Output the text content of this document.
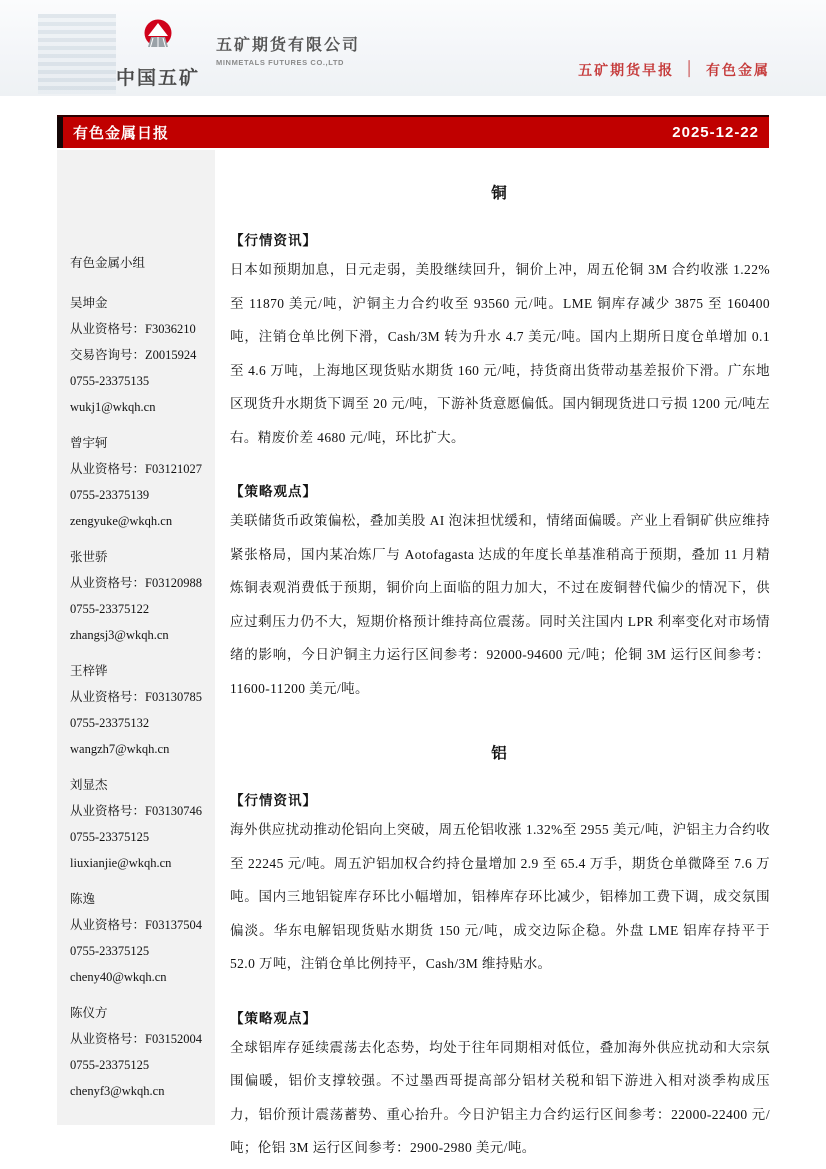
中国五矿
五矿期货有限公司
MINMETALS FUTURES CO.,LTD
五矿期货早报 │ 有色金属
有色金属日报	2025-12-22
有色金属小组
吴坤金
从业资格号：F3036210
交易咨询号：Z0015924
0755-23375135
wukj1@wkqh.cn
曾宇轲
从业资格号：F03121027
0755-23375139
zengyuke@wkqh.cn
张世骄
从业资格号：F03120988
0755-23375122
zhangsj3@wkqh.cn
王梓铧
从业资格号：F03130785
0755-23375132
wangzh7@wkqh.cn
刘显杰
从业资格号：F03130746
0755-23375125
liuxianjie@wkqh.cn
陈逸
从业资格号：F03137504
0755-23375125
cheny40@wkqh.cn
陈仪方
从业资格号：F03152004
0755-23375125
chenyf3@wkqh.cn
铜
【行情资讯】
日本如预期加息，日元走弱，美股继续回升，铜价上冲，周五伦铜 3M 合约收涨 1.22%至 11870 美元/吨，沪铜主力合约收至 93560 元/吨。LME 铜库存减少 3875 至 160400 吨，注销仓单比例下滑，Cash/3M 转为升水 4.7 美元/吨。国内上期所日度仓单增加 0.1 至 4.6 万吨，上海地区现货贴水期货 160 元/吨，持货商出货带动基差报价下滑。广东地区现货升水期货下调至 20 元/吨，下游补货意愿偏低。国内铜现货进口亏损 1200 元/吨左右。精废价差 4680 元/吨，环比扩大。
【策略观点】
美联储货币政策偏松，叠加美股 AI 泡沫担忧缓和，情绪面偏暖。产业上看铜矿供应维持紧张格局，国内某冶炼厂与 Aotofagasta 达成的年度长单基准稍高于预期，叠加 11 月精炼铜表观消费低于预期，铜价向上面临的阻力加大，不过在废铜替代偏少的情况下，供应过剩压力仍不大，短期价格预计维持高位震荡。同时关注国内 LPR 利率变化对市场情绪的影响，今日沪铜主力运行区间参考：92000-94600 元/吨；伦铜 3M 运行区间参考：11600-11200 美元/吨。
铝
【行情资讯】
海外供应扰动推动伦铝向上突破，周五伦铝收涨 1.32%至 2955 美元/吨，沪铝主力合约收至 22245 元/吨。周五沪铝加权合约持仓量增加 2.9 至 65.4 万手，期货仓单微降至 7.6 万吨。国内三地铝锭库存环比小幅增加，铝棒库存环比减少，铝棒加工费下调，成交氛围偏淡。华东电解铝现货贴水期货 150 元/吨，成交边际企稳。外盘 LME 铝库存持平于 52.0 万吨，注销仓单比例持平，Cash/3M 维持贴水。
【策略观点】
全球铝库存延续震荡去化态势，均处于往年同期相对低位，叠加海外供应扰动和大宗氛围偏暖，铝价支撑较强。不过墨西哥提高部分铝材关税和铝下游进入相对淡季构成压力，铝价预计震荡蓄势、重心抬升。今日沪铝主力合约运行区间参考：22000-22400 元/吨；伦铝 3M 运行区间参考：2900-2980 美元/吨。
